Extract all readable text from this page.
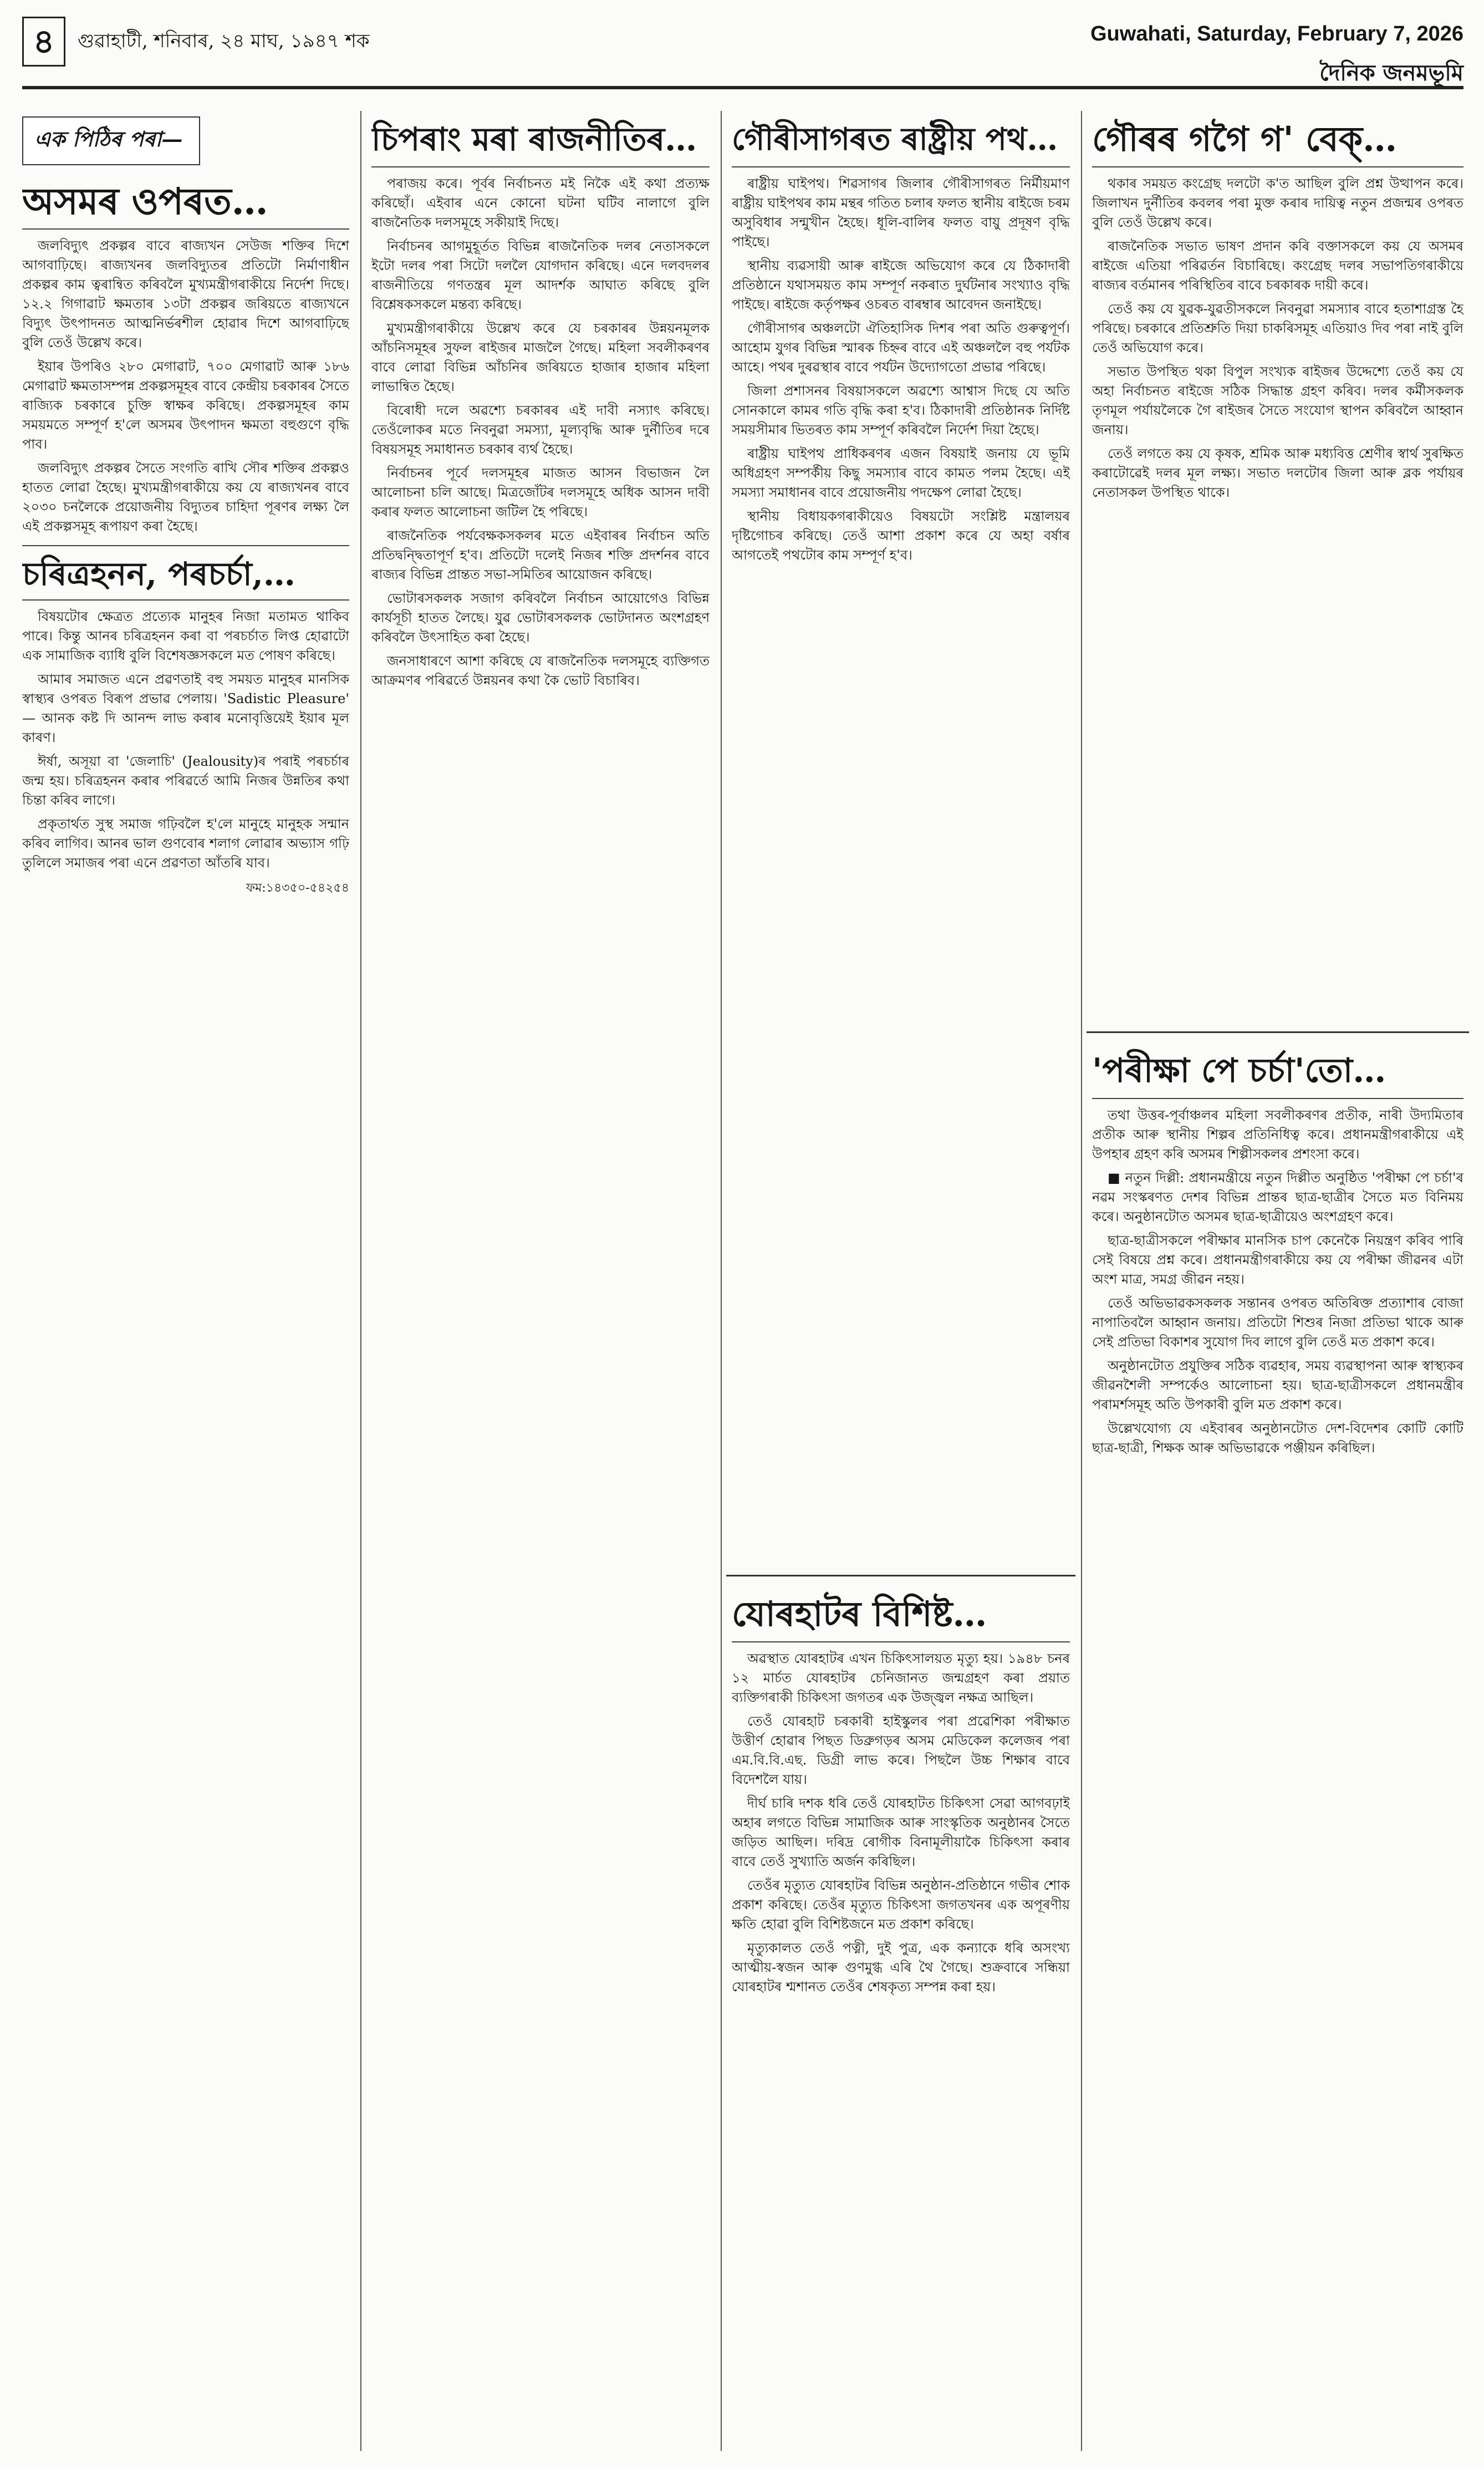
৪	গুৱাহাটী, শনিবাৰ, ২৪ মাঘ, ১৯৪৭ শক	Guwahati, Saturday, February 7, 2026
দৈনিক জনমভূমি
এক পিঠিৰ পৰা—
অসমৰ ওপৰত…

জলবিদ্যুৎ প্ৰকল্পৰ বাবে ৰাজ্যখন সেউজ শক্তিৰ দিশে আগবাঢ়িছে। ৰাজ্যখনৰ জলবিদ্যুতৰ প্ৰতিটো নিৰ্মাণাধীন প্ৰকল্পৰ কাম ত্বৰান্বিত কৰিবলৈ মুখ্যমন্ত্ৰীগৰাকীয়ে নিৰ্দেশ দিছে। ১২.২ গিগাৱাট ক্ষমতাৰ ১৩টা প্ৰকল্পৰ জৰিয়তে ৰাজ্যখনে বিদ্যুৎ উৎপাদনত আত্মনিৰ্ভৰশীল হোৱাৰ দিশে আগবাঢ়িছে বুলি তেওঁ উল্লেখ কৰে।

ইয়াৰ উপৰিও ২৮০ মেগাৱাট, ৭০০ মেগাৱাট আৰু ১৮৬ মেগাৱাট ক্ষমতাসম্পন্ন প্ৰকল্পসমূহৰ বাবে কেন্দ্ৰীয় চৰকাৰৰ সৈতে ৰাজ্যিক চৰকাৰে চুক্তি স্বাক্ষৰ কৰিছে। প্ৰকল্পসমূহৰ কাম সময়মতে সম্পূৰ্ণ হ'লে অসমৰ উৎপাদন ক্ষমতা বহুগুণে বৃদ্ধি পাব।

জলবিদ্যুৎ প্ৰকল্পৰ সৈতে সংগতি ৰাখি সৌৰ শক্তিৰ প্ৰকল্পও হাতত লোৱা হৈছে। মুখ্যমন্ত্ৰীগৰাকীয়ে কয় যে ৰাজ্যখনৰ বাবে ২০৩০ চনলৈকে প্ৰয়োজনীয় বিদ্যুতৰ চাহিদা পূৰণৰ লক্ষ্য লৈ এই প্ৰকল্পসমূহ ৰূপায়ণ কৰা হৈছে।

চৰিত্ৰহনন, পৰচৰ্চা,…

বিষয়টোৰ ক্ষেত্ৰত প্ৰত্যেক মানুহৰ নিজা মতামত থাকিব পাৰে। কিন্তু আনৰ চৰিত্ৰহনন কৰা বা পৰচৰ্চাত লিপ্ত হোৱাটো এক সামাজিক ব্যাধি বুলি বিশেষজ্ঞসকলে মত পোষণ কৰিছে।

আমাৰ সমাজত এনে প্ৰৱণতাই বহু সময়ত মানুহৰ মানসিক স্বাস্থ্যৰ ওপৰত বিৰূপ প্ৰভাৱ পেলায়। 'Sadistic Pleasure' — আনক কষ্ট দি আনন্দ লাভ কৰাৰ মনোবৃত্তিয়েই ইয়াৰ মূল কাৰণ।

ঈৰ্ষা, অসূয়া বা 'জেলাচি' (Jealousity)ৰ পৰাই পৰচৰ্চাৰ জন্ম হয়। চৰিত্ৰহনন কৰাৰ পৰিৱৰ্তে আমি নিজৰ উন্নতিৰ কথা চিন্তা কৰিব লাগে।

প্ৰকৃতাৰ্থত সুস্থ সমাজ গঢ়িবলৈ হ'লে মানুহে মানুহক সন্মান কৰিব লাগিব। আনৰ ভাল গুণবোৰ শলাগ লোৱাৰ অভ্যাস গঢ়ি তুলিলে সমাজৰ পৰা এনে প্ৰৱণতা আঁতৰি যাব।

ফম:১৪৩৫০-৫৪২৫৪
চিপৰাং মৰা ৰাজনীতিৰ…

পৰাজয় কৰে। পূৰ্বৰ নিৰ্বাচনত মই নিকৈ এই কথা প্ৰত্যক্ষ কৰিছোঁ। এইবাৰ এনে কোনো ঘটনা ঘটিব নালাগে বুলি ৰাজনৈতিক দলসমূহে সকীয়াই দিছে।

নিৰ্বাচনৰ আগমুহূৰ্তত বিভিন্ন ৰাজনৈতিক দলৰ নেতাসকলে ইটো দলৰ পৰা সিটো দললৈ যোগদান কৰিছে। এনে দলবদলৰ ৰাজনীতিয়ে গণতন্ত্ৰৰ মূল আদৰ্শক আঘাত কৰিছে বুলি বিশ্লেষকসকলে মন্তব্য কৰিছে।

মুখ্যমন্ত্ৰীগৰাকীয়ে উল্লেখ কৰে যে চৰকাৰৰ উন্নয়নমূলক আঁচনিসমূহৰ সুফল ৰাইজৰ মাজলৈ গৈছে। মহিলা সবলীকৰণৰ বাবে লোৱা বিভিন্ন আঁচনিৰ জৰিয়তে হাজাৰ হাজাৰ মহিলা লাভান্বিত হৈছে।

বিৰোধী দলে অৱশ্যে চৰকাৰৰ এই দাবী নস্যাৎ কৰিছে। তেওঁলোকৰ মতে নিবনুৱা সমস্যা, মূল্যবৃদ্ধি আৰু দুৰ্নীতিৰ দৰে বিষয়সমূহ সমাধানত চৰকাৰ ব্যৰ্থ হৈছে।

নিৰ্বাচনৰ পূৰ্বে দলসমূহৰ মাজত আসন বিভাজন লৈ আলোচনা চলি আছে। মিত্ৰজোঁটৰ দলসমূহে অধিক আসন দাবী কৰাৰ ফলত আলোচনা জটিল হৈ পৰিছে।

ৰাজনৈতিক পৰ্যবেক্ষকসকলৰ মতে এইবাৰৰ নিৰ্বাচন অতি প্ৰতিদ্বন্দ্বিতাপূৰ্ণ হ'ব। প্ৰতিটো দলেই নিজৰ শক্তি প্ৰদৰ্শনৰ বাবে ৰাজ্যৰ বিভিন্ন প্ৰান্তত সভা-সমিতিৰ আয়োজন কৰিছে।

ভোটাৰসকলক সজাগ কৰিবলৈ নিৰ্বাচন আয়োগেও বিভিন্ন কাৰ্যসূচী হাতত লৈছে। যুৱ ভোটাৰসকলক ভোটদানত অংশগ্ৰহণ কৰিবলৈ উৎসাহিত কৰা হৈছে।

জনসাধাৰণে আশা কৰিছে যে ৰাজনৈতিক দলসমূহে ব্যক্তিগত আক্ৰমণৰ পৰিৱৰ্তে উন্নয়নৰ কথা কৈ ভোট বিচাৰিব।

গৌৰীসাগৰত ৰাষ্ট্ৰীয় পথ…

ৰাষ্ট্ৰীয় ঘাইপথ। শিৱসাগৰ জিলাৰ গৌৰীসাগৰত নিৰ্মীয়মাণ ৰাষ্ট্ৰীয় ঘাইপথৰ কাম মন্থৰ গতিত চলাৰ ফলত স্থানীয় ৰাইজে চৰম অসুবিধাৰ সন্মুখীন হৈছে। ধূলি-বালিৰ ফলত বায়ু প্ৰদূষণ বৃদ্ধি পাইছে।

স্থানীয় ব্যৱসায়ী আৰু ৰাইজে অভিযোগ কৰে যে ঠিকাদাৰী প্ৰতিষ্ঠানে যথাসময়ত কাম সম্পূৰ্ণ নকৰাত দুৰ্ঘটনাৰ সংখ্যাও বৃদ্ধি পাইছে। ৰাইজে কৰ্তৃপক্ষৰ ওচৰত বাৰম্বাৰ আবেদন জনাইছে।

গৌৰীসাগৰ অঞ্চলটো ঐতিহাসিক দিশৰ পৰা অতি গুৰুত্বপূৰ্ণ। আহোম যুগৰ বিভিন্ন স্মাৰক চিহ্নৰ বাবে এই অঞ্চললৈ বহু পৰ্যটক আহে। পথৰ দুৰৱস্থাৰ বাবে পৰ্যটন উদ্যোগতো প্ৰভাৱ পৰিছে।

জিলা প্ৰশাসনৰ বিষয়াসকলে অৱশ্যে আশ্বাস দিছে যে অতি সোনকালে কামৰ গতি বৃদ্ধি কৰা হ'ব। ঠিকাদাৰী প্ৰতিষ্ঠানক নিৰ্দিষ্ট সময়সীমাৰ ভিতৰত কাম সম্পূৰ্ণ কৰিবলৈ নিৰ্দেশ দিয়া হৈছে।

ৰাষ্ট্ৰীয় ঘাইপথ প্ৰাধিকৰণৰ এজন বিষয়াই জনায় যে ভূমি অধিগ্ৰহণ সম্পৰ্কীয় কিছু সমস্যাৰ বাবে কামত পলম হৈছে। এই সমস্যা সমাধানৰ বাবে প্ৰয়োজনীয় পদক্ষেপ লোৱা হৈছে।

স্থানীয় বিধায়কগৰাকীয়েও বিষয়টো সংশ্লিষ্ট মন্ত্ৰালয়ৰ দৃষ্টিগোচৰ কৰিছে। তেওঁ আশা প্ৰকাশ কৰে যে অহা বৰ্ষাৰ আগতেই পথটোৰ কাম সম্পূৰ্ণ হ'ব।

যোৰহাটৰ বিশিষ্ট…

অৱস্থাত যোৰহাটৰ এখন চিকিৎসালয়ত মৃত্যু হয়। ১৯৪৮ চনৰ ১২ মাৰ্চত যোৰহাটৰ চেনিজানত জন্মগ্ৰহণ কৰা প্ৰয়াত ব্যক্তিগৰাকী চিকিৎসা জগতৰ এক উজ্জ্বল নক্ষত্ৰ আছিল।

তেওঁ যোৰহাট চৰকাৰী হাইস্কুলৰ পৰা প্ৰৱেশিকা পৰীক্ষাত উত্তীৰ্ণ হোৱাৰ পিছত ডিব্ৰুগড়ৰ অসম মেডিকেল কলেজৰ পৰা এম.বি.বি.এছ. ডিগ্ৰী লাভ কৰে। পিছলৈ উচ্চ শিক্ষাৰ বাবে বিদেশলৈ যায়।

দীৰ্ঘ চাৰি দশক ধৰি তেওঁ যোৰহাটত চিকিৎসা সেৱা আগবঢ়াই অহাৰ লগতে বিভিন্ন সামাজিক আৰু সাংস্কৃতিক অনুষ্ঠানৰ সৈতে জড়িত আছিল। দৰিদ্ৰ ৰোগীক বিনামূলীয়াকৈ চিকিৎসা কৰাৰ বাবে তেওঁ সুখ্যাতি অৰ্জন কৰিছিল।

তেওঁৰ মৃত্যুত যোৰহাটৰ বিভিন্ন অনুষ্ঠান-প্ৰতিষ্ঠানে গভীৰ শোক প্ৰকাশ কৰিছে। তেওঁৰ মৃত্যুত চিকিৎসা জগতখনৰ এক অপূৰণীয় ক্ষতি হোৱা বুলি বিশিষ্টজনে মত প্ৰকাশ কৰিছে।

মৃত্যুকালত তেওঁ পত্নী, দুই পুত্ৰ, এক কন্যাকে ধৰি অসংখ্য আত্মীয়-স্বজন আৰু গুণমুগ্ধ এৰি থৈ গৈছে। শুক্ৰবাৰে সন্ধিয়া যোৰহাটৰ শ্মশানত তেওঁৰ শেষকৃত্য সম্পন্ন কৰা হয়।

গৌৰৰ গগৈ গ' বেক্…

থকাৰ সময়ত কংগ্ৰেছ দলটো ক'ত আছিল বুলি প্ৰশ্ন উত্থাপন কৰে। জিলাখন দুৰ্নীতিৰ কবলৰ পৰা মুক্ত কৰাৰ দায়িত্ব নতুন প্ৰজন্মৰ ওপৰত বুলি তেওঁ উল্লেখ কৰে।

ৰাজনৈতিক সভাত ভাষণ প্ৰদান কৰি বক্তাসকলে কয় যে অসমৰ ৰাইজে এতিয়া পৰিৱৰ্তন বিচাৰিছে। কংগ্ৰেছ দলৰ সভাপতিগৰাকীয়ে ৰাজ্যৰ বৰ্তমানৰ পৰিস্থিতিৰ বাবে চৰকাৰক দায়ী কৰে।

তেওঁ কয় যে যুৱক-যুৱতীসকলে নিবনুৱা সমস্যাৰ বাবে হতাশাগ্ৰস্ত হৈ পৰিছে। চৰকাৰে প্ৰতিশ্ৰুতি দিয়া চাকৰিসমূহ এতিয়াও দিব পৰা নাই বুলি তেওঁ অভিযোগ কৰে।

সভাত উপস্থিত থকা বিপুল সংখ্যক ৰাইজৰ উদ্দেশ্যে তেওঁ কয় যে অহা নিৰ্বাচনত ৰাইজে সঠিক সিদ্ধান্ত গ্ৰহণ কৰিব। দলৰ কৰ্মীসকলক তৃণমূল পৰ্যায়লৈকে গৈ ৰাইজৰ সৈতে সংযোগ স্থাপন কৰিবলৈ আহ্বান জনায়।

তেওঁ লগতে কয় যে কৃষক, শ্ৰমিক আৰু মধ্যবিত্ত শ্ৰেণীৰ স্বাৰ্থ সুৰক্ষিত কৰাটোৱেই দলৰ মূল লক্ষ্য। সভাত দলটোৰ জিলা আৰু ব্লক পৰ্যায়ৰ নেতাসকল উপস্থিত থাকে।

'পৰীক্ষা পে চৰ্চা'তো…

তথা উত্তৰ-পূৰ্বাঞ্চলৰ মহিলা সবলীকৰণৰ প্ৰতীক, নাৰী উদ্যমিতাৰ প্ৰতীক আৰু স্থানীয় শিল্পৰ প্ৰতিনিধিত্ব কৰে। প্ৰধানমন্ত্ৰীগৰাকীয়ে এই উপহাৰ গ্ৰহণ কৰি অসমৰ শিল্পীসকলৰ প্ৰশংসা কৰে।

■ নতুন দিল্লী: প্ৰধানমন্ত্ৰীয়ে নতুন দিল্লীত অনুষ্ঠিত 'পৰীক্ষা পে চৰ্চা'ৰ নৱম সংস্কৰণত দেশৰ বিভিন্ন প্ৰান্তৰ ছাত্ৰ-ছাত্ৰীৰ সৈতে মত বিনিময় কৰে। অনুষ্ঠানটোত অসমৰ ছাত্ৰ-ছাত্ৰীয়েও অংশগ্ৰহণ কৰে।

ছাত্ৰ-ছাত্ৰীসকলে পৰীক্ষাৰ মানসিক চাপ কেনেকৈ নিয়ন্ত্ৰণ কৰিব পাৰি সেই বিষয়ে প্ৰশ্ন কৰে। প্ৰধানমন্ত্ৰীগৰাকীয়ে কয় যে পৰীক্ষা জীৱনৰ এটা অংশ মাত্ৰ, সমগ্ৰ জীৱন নহয়।

তেওঁ অভিভাৱকসকলক সন্তানৰ ওপৰত অতিৰিক্ত প্ৰত্যাশাৰ বোজা নাপাতিবলৈ আহ্বান জনায়। প্ৰতিটো শিশুৰ নিজা প্ৰতিভা থাকে আৰু সেই প্ৰতিভা বিকাশৰ সুযোগ দিব লাগে বুলি তেওঁ মত প্ৰকাশ কৰে।

অনুষ্ঠানটোত প্ৰযুক্তিৰ সঠিক ব্যৱহাৰ, সময় ব্যৱস্থাপনা আৰু স্বাস্থ্যকৰ জীৱনশৈলী সম্পৰ্কেও আলোচনা হয়। ছাত্ৰ-ছাত্ৰীসকলে প্ৰধানমন্ত্ৰীৰ পৰামৰ্শসমূহ অতি উপকাৰী বুলি মত প্ৰকাশ কৰে।

উল্লেখযোগ্য যে এইবাৰৰ অনুষ্ঠানটোত দেশ-বিদেশৰ কোটি কোটি ছাত্ৰ-ছাত্ৰী, শিক্ষক আৰু অভিভাৱকে পঞ্জীয়ন কৰিছিল।
